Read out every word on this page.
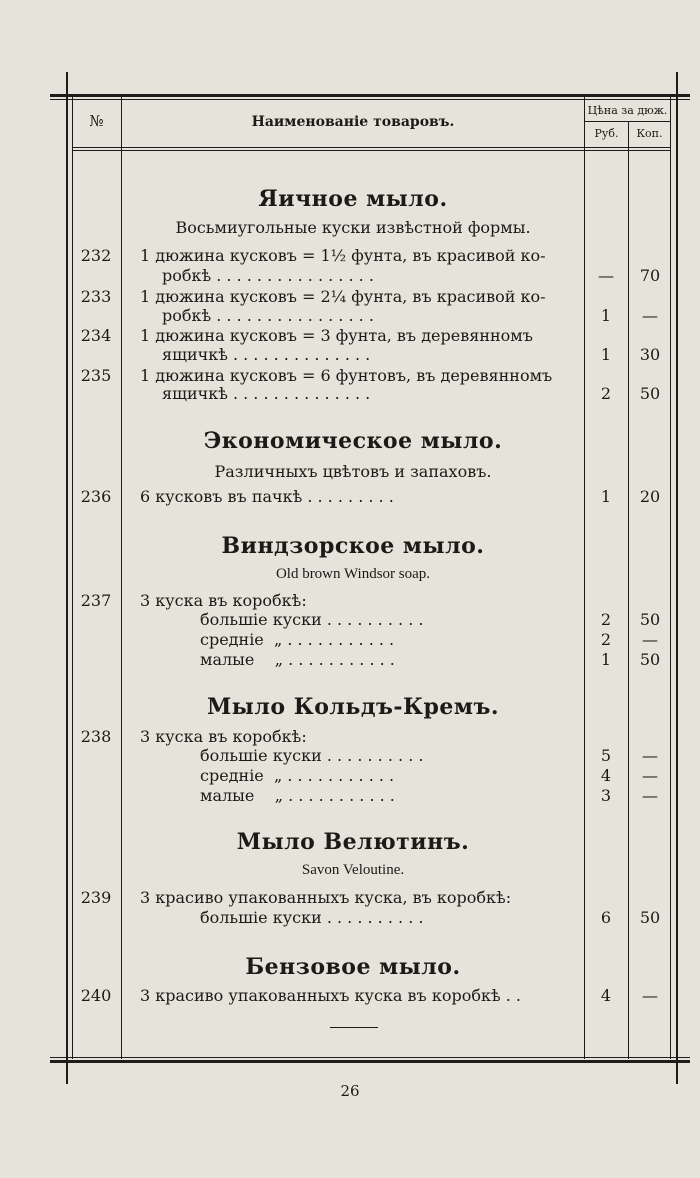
№	Наименованіе товаровъ.
Цѣна за дюж.
Руб.	Коп.
Яичное мыло.
Восьмиугольные куски извѣстной формы.
232	1 дюжина кусковъ = 1½ фунта, въ красивой ко-
робкѣ . . . . . . . . . . . . . . . .	—	70
233	1 дюжина кусковъ = 2¼ фунта, въ красивой ко-
робкѣ . . . . . . . . . . . . . . . .	1	—
234	1 дюжина кусковъ = 3 фунта, въ деревянномъ
ящичкѣ . . . . . . . . . . . . . .	1	30
235	1 дюжина кусковъ = 6 фунтовъ, въ деревянномъ
ящичкѣ . . . . . . . . . . . . . .	2	50
Экономическое мыло.
Различныхъ цвѣтовъ и запаховъ.
236	6 кусковъ въ пачкѣ . . . . . . . . .	1	20
Виндзорское мыло.
Old brown Windsor soap.
237	3 куска въ коробкѣ:
большіе куски . . . . . . . . . .	2	50
средніе  „ . . . . . . . . . . .	2	—
малые    „ . . . . . . . . . . .	1	50
Мыло Кольдъ-Кремъ.
238	3 куска въ коробкѣ:
большіе куски . . . . . . . . . .	5	—
средніе  „ . . . . . . . . . . .	4	—
малые    „ . . . . . . . . . . .	3	—
Мыло Велютинъ.
Savon Veloutine.
239	3 красиво упакованныхъ куска, въ коробкѣ:
большіе куски . . . . . . . . . .	6	50
Бензовое мыло.
240	3 красиво упакованныхъ куска въ коробкѣ . .	4	—
26
